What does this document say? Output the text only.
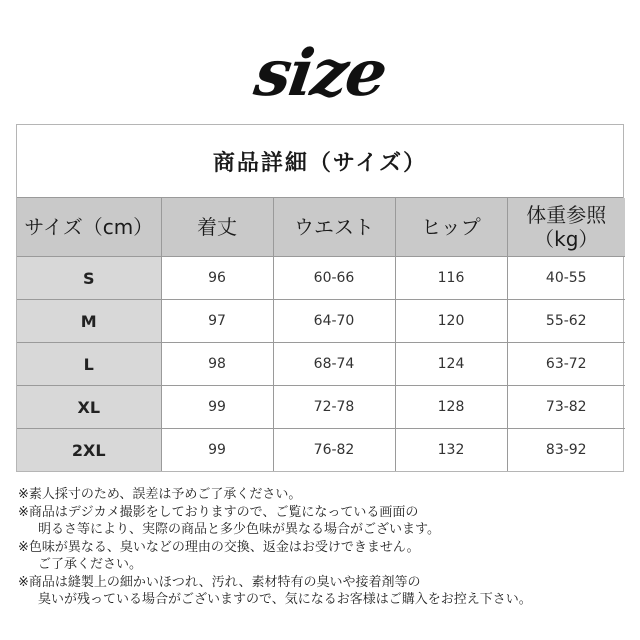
size
商品詳細（サイズ）
サイズ（cm）	着丈	ウエスト	ヒップ	体重参照
（kg）
S	96	60-66	116	40-55
M	97	64-70	120	55-62
L	98	68-74	124	63-72
XL	99	72-78	128	73-82
2XL	99	76-82	132	83-92
※素人採寸のため、誤差は予めご了承ください。
※商品はデジカメ撮影をしておりますので、ご覧になっている画面の
明るさ等により、実際の商品と多少色味が異なる場合がございます。
※色味が異なる、臭いなどの理由の交換、返金はお受けできません。
ご了承ください。
※商品は縫製上の細かいほつれ、汚れ、素材特有の臭いや接着剤等の
臭いが残っている場合がございますので、気になるお客様はご購入をお控え下さい。
